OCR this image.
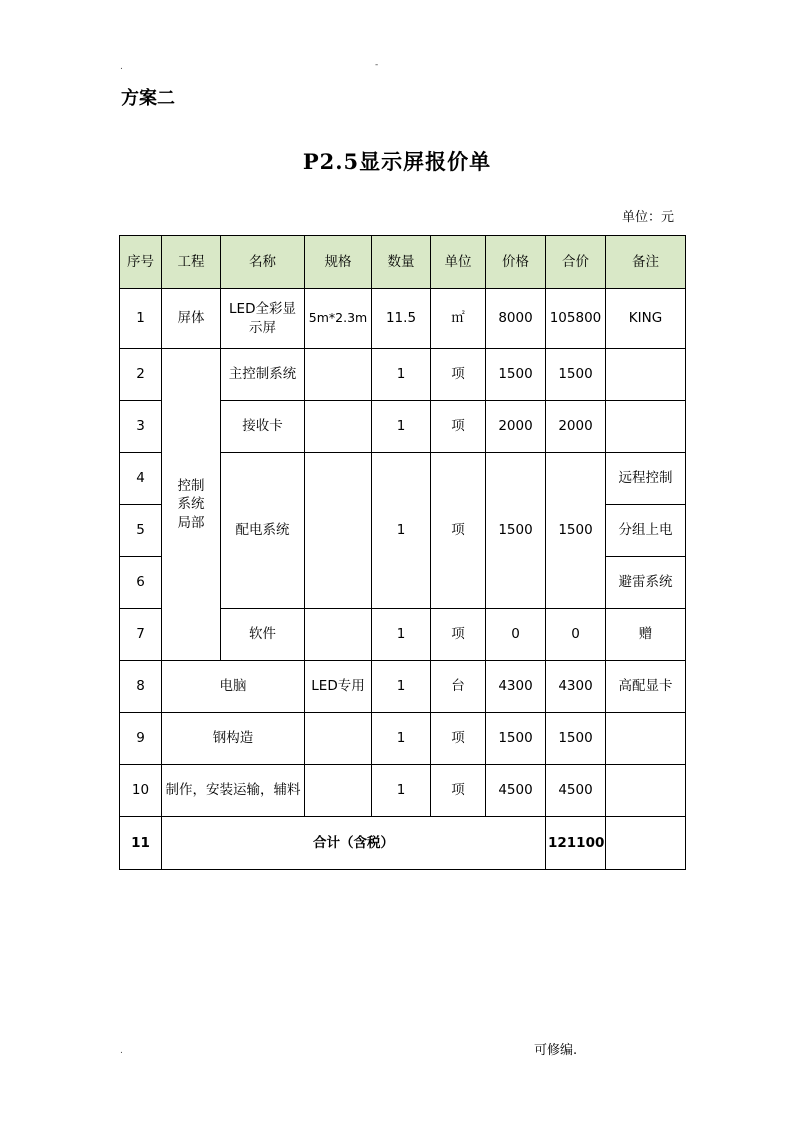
.	-
方案二
P2.5显示屏报价单
单位：元
序号	工程	名称	规格	数量	单位	价格	合价	备注
1	屏体	LED全彩显示屏	5m*2.3m	11.5	㎡	8000	105800	KING
2	控制系统局部	主控制系统		1	项	1500	1500	
3		接收卡		1	项	2000	2000	
4		配电系统		1	项	1500	1500	远程控制
5								分组上电
6								避雷系统
7		软件		1	项	0	0	赠
8	电脑		LED专用	1	台	4300	4300	高配显卡
9	钢构造			1	项	1500	1500	
10	制作，安装运输，辅料			1	项	4500	4500	
11	合计（含税）						121100	
.	可修编.
